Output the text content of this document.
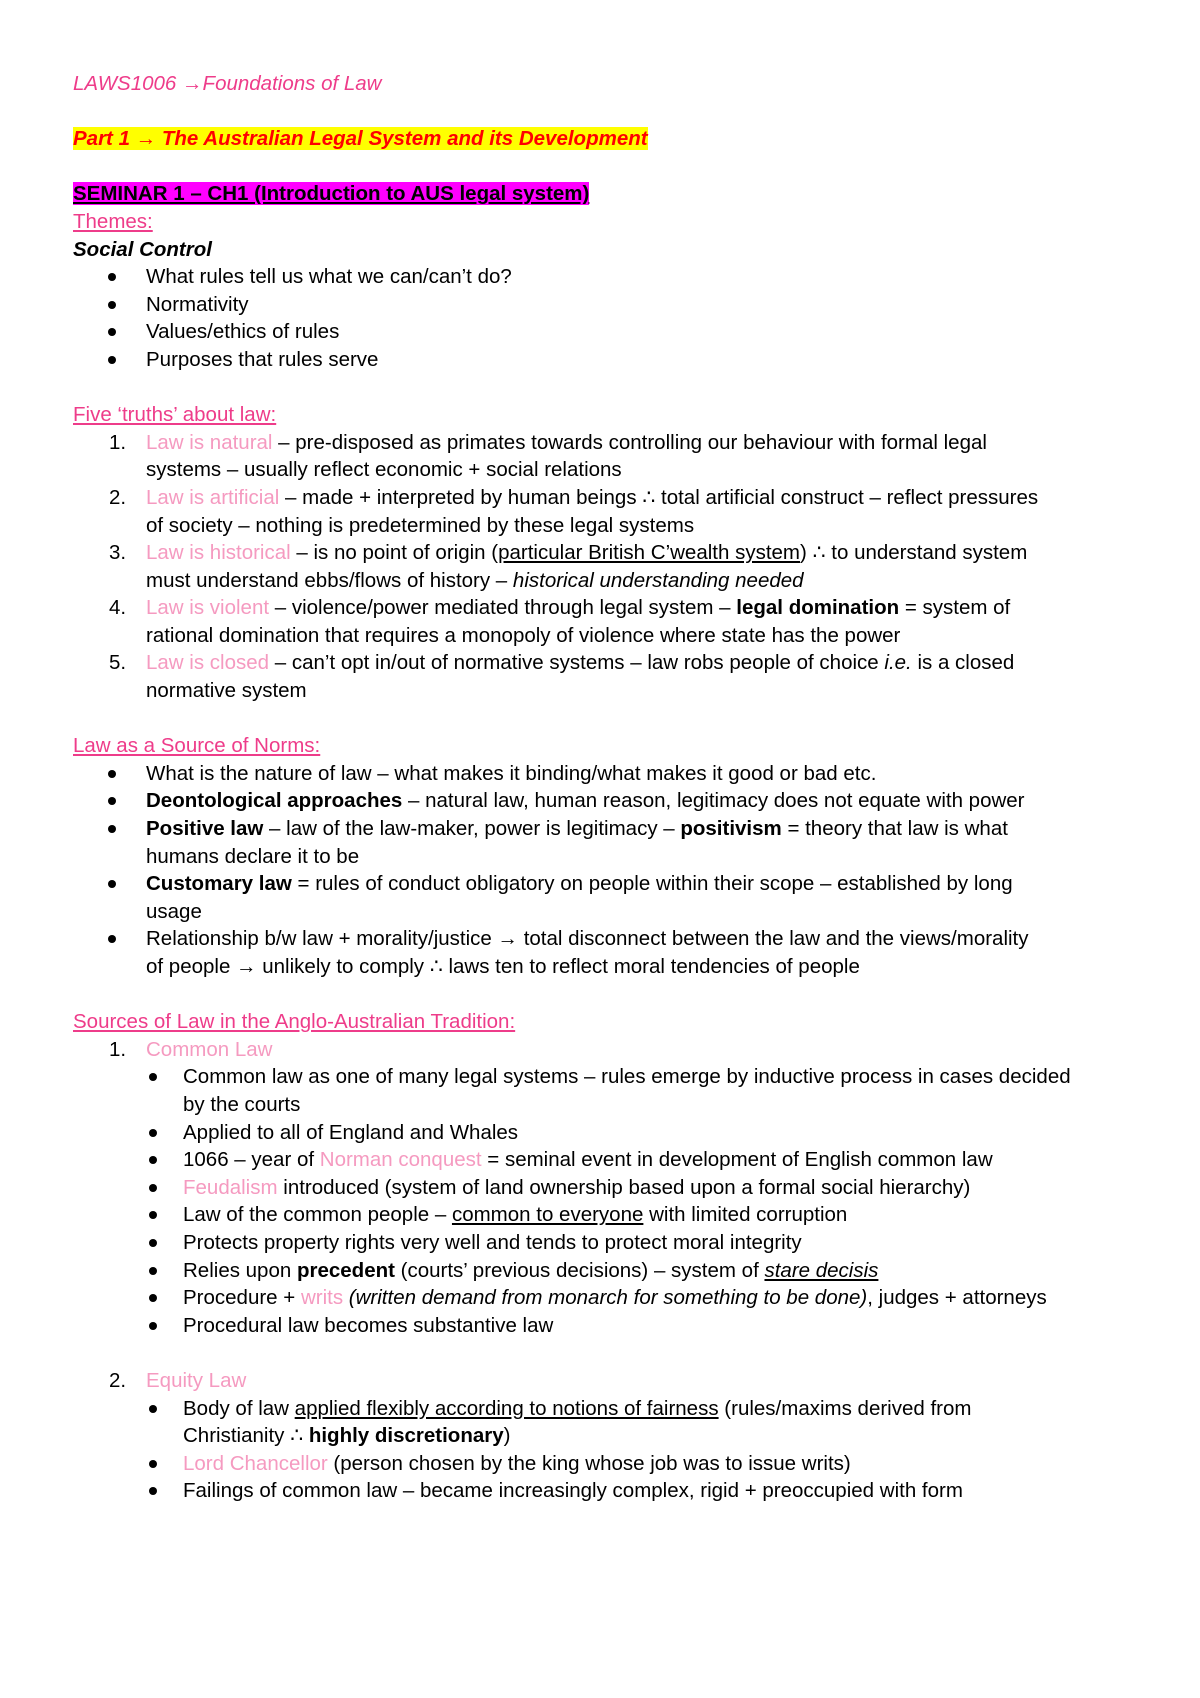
LAWS1006 →Foundations of Law
Part 1 → The Australian Legal System and its Development
SEMINAR 1 – CH1 (Introduction to AUS legal system)
Themes:
Social Control
What rules tell us what we can/can’t do?
Normativity
Values/ethics of rules
Purposes that rules serve
Five ‘truths’ about law:
1. Law is natural – pre-disposed as primates towards controlling our behaviour with formal legal
systems – usually reflect economic + social relations
2. Law is artificial – made + interpreted by human beings ∴ total artificial construct – reflect pressures
of society – nothing is predetermined by these legal systems
3. Law is historical – is no point of origin (particular British C’wealth system) ∴ to understand system
must understand ebbs/flows of history – historical understanding needed
4. Law is violent – violence/power mediated through legal system – legal domination = system of
rational domination that requires a monopoly of violence where state has the power
5. Law is closed – can’t opt in/out of normative systems – law robs people of choice i.e. is a closed
normative system
Law as a Source of Norms:
What is the nature of law – what makes it binding/what makes it good or bad etc.
Deontological approaches – natural law, human reason, legitimacy does not equate with power
Positive law – law of the law-maker, power is legitimacy – positivism = theory that law is what
humans declare it to be
Customary law = rules of conduct obligatory on people within their scope – established by long
usage
Relationship b/w law + morality/justice → total disconnect between the law and the views/morality
of people → unlikely to comply ∴ laws ten to reflect moral tendencies of people
Sources of Law in the Anglo-Australian Tradition:
1. Common Law
Common law as one of many legal systems – rules emerge by inductive process in cases decided
by the courts
Applied to all of England and Whales
1066 – year of Norman conquest = seminal event in development of English common law
Feudalism introduced (system of land ownership based upon a formal social hierarchy)
Law of the common people – common to everyone with limited corruption
Protects property rights very well and tends to protect moral integrity
Relies upon precedent (courts’ previous decisions) – system of stare decisis
Procedure + writs (written demand from monarch for something to be done), judges + attorneys
Procedural law becomes substantive law
2. Equity Law
Body of law applied flexibly according to notions of fairness (rules/maxims derived from
Christianity ∴ highly discretionary)
Lord Chancellor (person chosen by the king whose job was to issue writs)
Failings of common law – became increasingly complex, rigid + preoccupied with form
